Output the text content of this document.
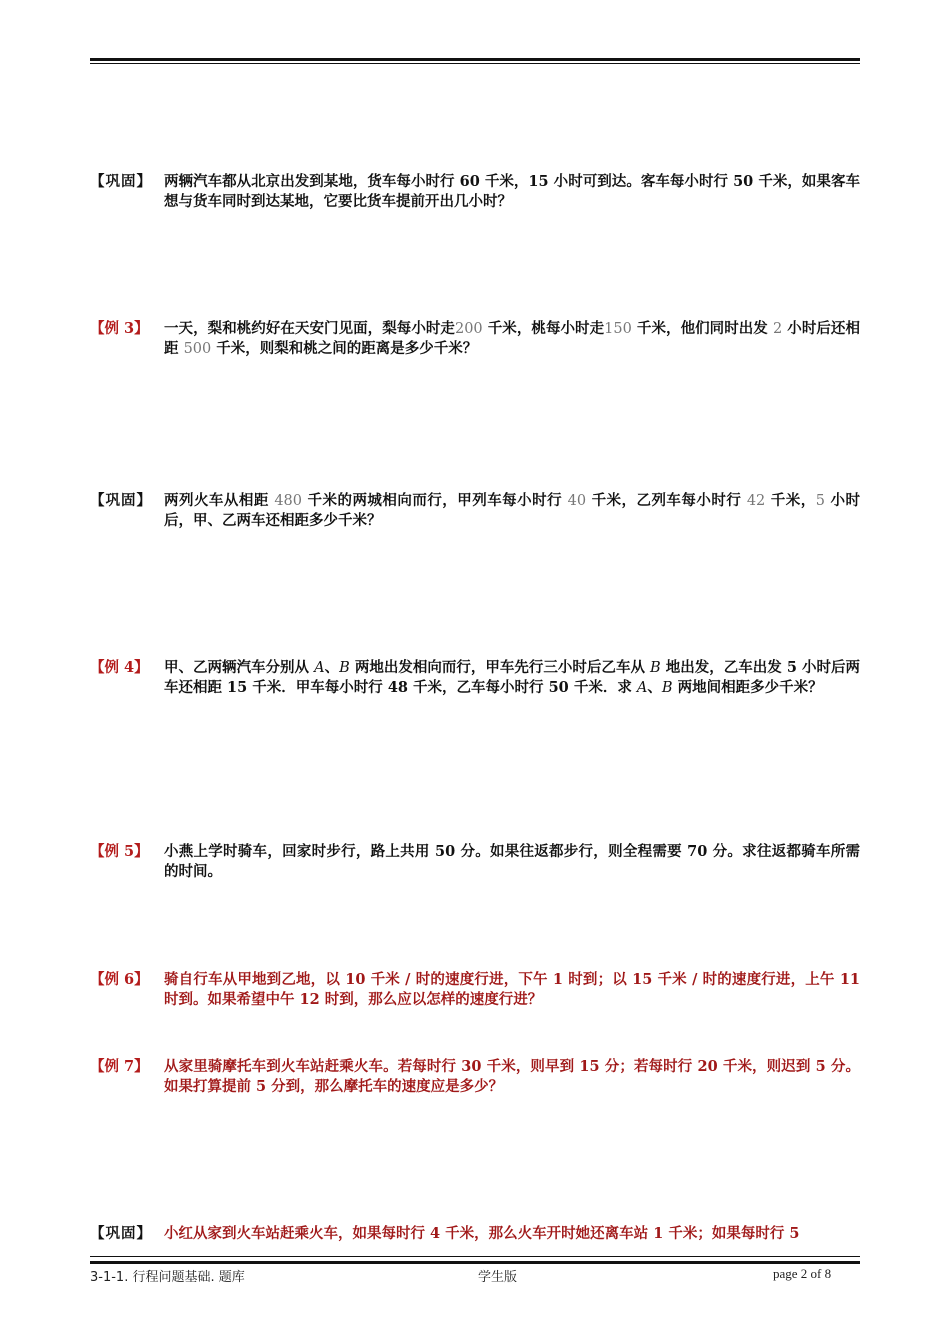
【巩固】 两辆汽车都从北京出发到某地，货车每小时行 60 千米，15 小时可到达。客车每小时行 50 千米，如果客车想与货车同时到达某地，它要比货车提前开出几小时？
【例 3】 一天，梨和桃约好在天安门见面，梨每小时走200 千米，桃每小时走150 千米，他们同时出发 2 小时后还相距 500 千米，则梨和桃之间的距离是多少千米？
【巩固】 两列火车从相距 480 千米的两城相向而行，甲列车每小时行 40 千米，乙列车每小时行 42 千米，5 小时后，甲、乙两车还相距多少千米？
【例 4】 甲、乙两辆汽车分别从 A、B 两地出发相向而行，甲车先行三小时后乙车从 B 地出发，乙车出发 5 小时后两车还相距 15 千米．甲车每小时行 48 千米，乙车每小时行 50 千米．求 A、B 两地间相距多少千米？
【例 5】 小燕上学时骑车，回家时步行，路上共用 50 分。如果往返都步行，则全程需要 70 分。求往返都骑车所需的时间。
【例 6】 骑自行车从甲地到乙地，以 10 千米 / 时的速度行进，下午 1 时到；以 15 千米 / 时的速度行进，上午 11 时到。如果希望中午 12 时到，那么应以怎样的速度行进？
【例 7】 从家里骑摩托车到火车站赶乘火车。若每时行 30 千米，则早到 15 分；若每时行 20 千米，则迟到 5 分。如果打算提前 5 分到，那么摩托车的速度应是多少？
【巩固】 小红从家到火车站赶乘火车，如果每时行 4 千米，那么火车开时她还离车站 1 千米；如果每时行 5
3-1-1. 行程问题基础. 题库	学生版	page 2 of 8
